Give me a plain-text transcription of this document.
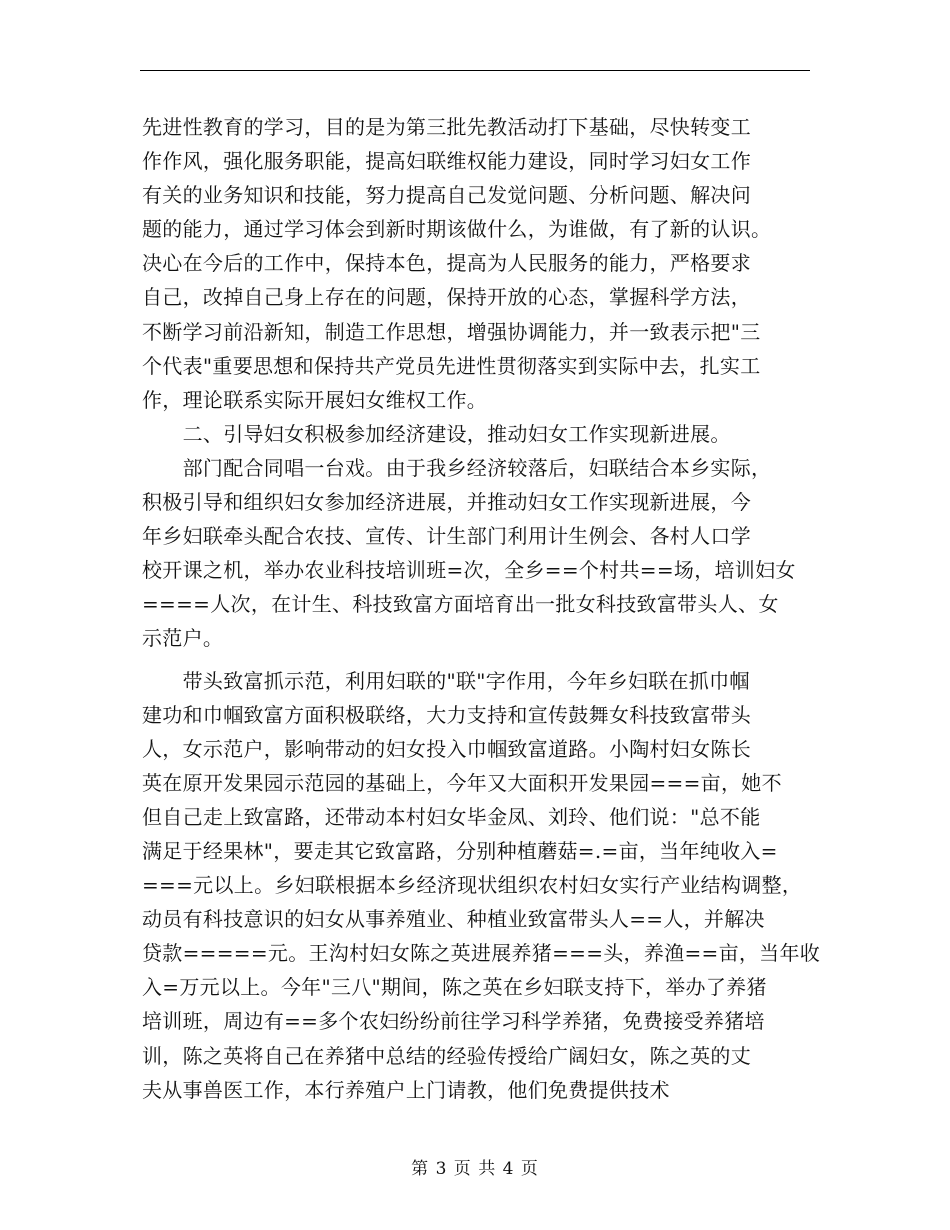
先进性教育的学习，目的是为第三批先教活动打下基础，尽快转变工
作作风，强化服务职能，提高妇联维权能力建设，同时学习妇女工作
有关的业务知识和技能，努力提高自己发觉问题、分析问题、解决问
题的能力，通过学习体会到新时期该做什么，为谁做，有了新的认识。
决心在今后的工作中，保持本色，提高为人民服务的能力，严格要求
自己，改掉自己身上存在的问题，保持开放的心态，掌握科学方法，
不断学习前沿新知，制造工作思想，增强协调能力，并一致表示把"三
个代表"重要思想和保持共产党员先进性贯彻落实到实际中去，扎实工
作，理论联系实际开展妇女维权工作。
　　二、引导妇女积极参加经济建设，推动妇女工作实现新进展。
　　部门配合同唱一台戏。由于我乡经济较落后，妇联结合本乡实际，
积极引导和组织妇女参加经济进展，并推动妇女工作实现新进展，今
年乡妇联牵头配合农技、宣传、计生部门利用计生例会、各村人口学
校开课之机，举办农业科技培训班=次，全乡==个村共==场，培训妇女
====人次，在计生、科技致富方面培育出一批女科技致富带头人、女
示范户。
　　带头致富抓示范，利用妇联的"联"字作用，今年乡妇联在抓巾帼
建功和巾帼致富方面积极联络，大力支持和宣传鼓舞女科技致富带头
人，女示范户，影响带动的妇女投入巾帼致富道路。小陶村妇女陈长
英在原开发果园示范园的基础上，今年又大面积开发果园===亩，她不
但自己走上致富路，还带动本村妇女毕金凤、刘玲、他们说："总不能
满足于经果林"，要走其它致富路，分别种植蘑菇=.=亩，当年纯收入=
===元以上。乡妇联根据本乡经济现状组织农村妇女实行产业结构调整，
动员有科技意识的妇女从事养殖业、种植业致富带头人==人，并解决
贷款=====元。王沟村妇女陈之英进展养猪===头，养渔==亩，当年收
入=万元以上。今年"三八"期间，陈之英在乡妇联支持下，举办了养猪
培训班，周边有==多个农妇纷纷前往学习科学养猪，免费接受养猪培
训，陈之英将自己在养猪中总结的经验传授给广阔妇女，陈之英的丈
夫从事兽医工作，本行养殖户上门请教，他们免费提供技术
第 3 页 共 4 页
